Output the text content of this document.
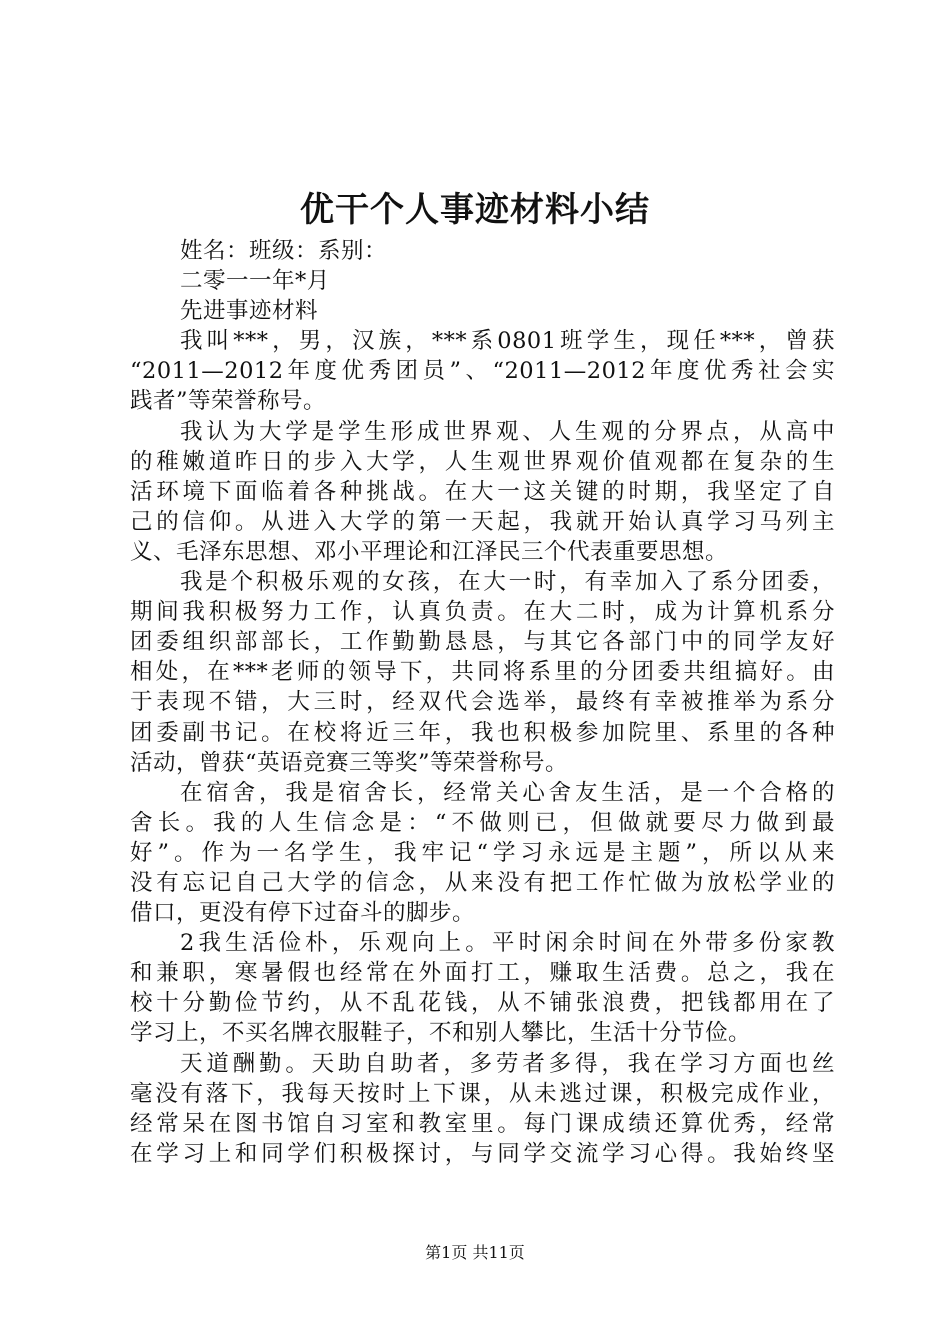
优干个人事迹材料小结

姓名：班级：系别：

二零一一年*月

先进事迹材料

我叫***，男，汉族，***系0801班学生，现任***，曾获

“2011—2012年度优秀团员”、“2011—2012年度优秀社会实

践者”等荣誉称号。

我认为大学是学生形成世界观、人生观的分界点，从高中

的稚嫩道昨日的步入大学，人生观世界观价值观都在复杂的生

活环境下面临着各种挑战。在大一这关键的时期，我坚定了自

己的信仰。从进入大学的第一天起，我就开始认真学习马列主

义、毛泽东思想、邓小平理论和江泽民三个代表重要思想。

我是个积极乐观的女孩，在大一时，有幸加入了系分团委，

期间我积极努力工作，认真负责。在大二时，成为计算机系分

团委组织部部长，工作勤勤恳恳，与其它各部门中的同学友好

相处，在***老师的领导下，共同将系里的分团委共组搞好。由

于表现不错，大三时，经双代会选举，最终有幸被推举为系分

团委副书记。在校将近三年，我也积极参加院里、系里的各种

活动，曾获“英语竞赛三等奖”等荣誉称号。

在宿舍，我是宿舍长，经常关心舍友生活，是一个合格的

舍长。我的人生信念是：“不做则已，但做就要尽力做到最

好”。作为一名学生，我牢记“学习永远是主题”，所以从来

没有忘记自己大学的信念，从来没有把工作忙做为放松学业的

借口，更没有停下过奋斗的脚步。

2我生活俭朴，乐观向上。平时闲余时间在外带多份家教

和兼职，寒暑假也经常在外面打工，赚取生活费。总之，我在

校十分勤俭节约，从不乱花钱，从不铺张浪费，把钱都用在了

学习上，不买名牌衣服鞋子，不和别人攀比，生活十分节俭。

天道酬勤。天助自助者，多劳者多得，我在学习方面也丝

毫没有落下，我每天按时上下课，从未逃过课，积极完成作业，

经常呆在图书馆自习室和教室里。每门课成绩还算优秀，经常

在学习上和同学们积极探讨，与同学交流学习心得。我始终坚

第1页 共11页
